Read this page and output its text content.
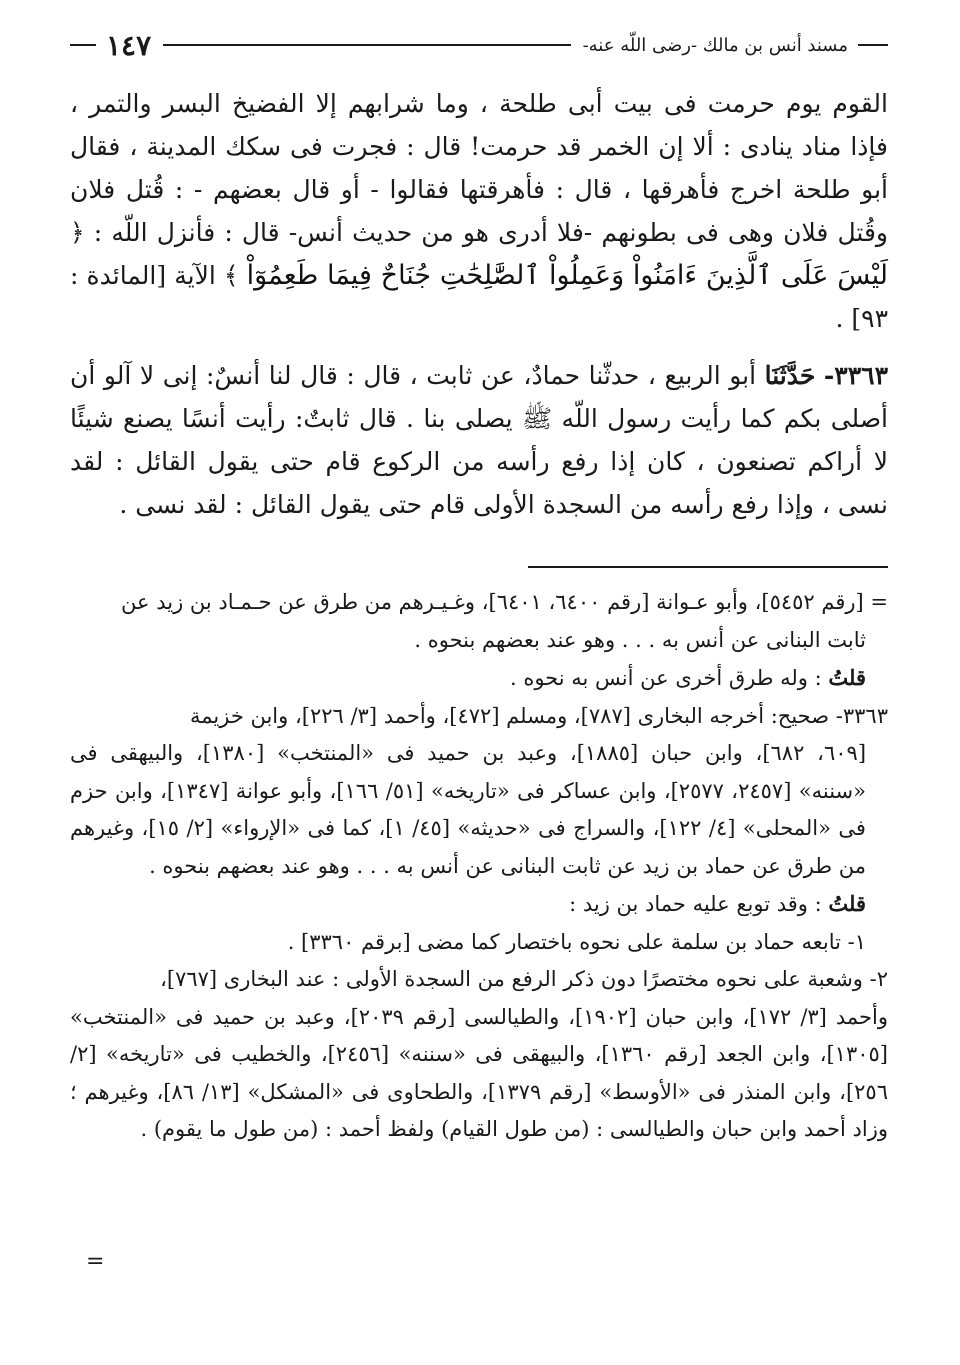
مسند أنس بن مالك -رضى اللّه عنه-
١٤٧

القوم يوم حرمت فى بيت أبى طلحة ، وما شرابهم إلا الفضيخ البسر والتمر ، فإذا مناد ينادى : ألا إن الخمر قد حرمت! قال : فجرت فى سكك المدينة ، فقال أبو طلحة اخرج فأهرقها ، قال : فأهرقتها فقالوا - أو قال بعضهم - : قُتل فلان وقُتل فلان وهى فى بطونهم -فلا أدرى هو من حديث أنس- قال : فأنزل اللّه : ﴿ لَيْسَ عَلَى ٱلَّذِينَ ءَامَنُواْ وَعَمِلُواْ ٱلصَّٰلِحَٰتِ جُنَاحٌ فِيمَا طَعِمُوٓاْ ﴾ الآية [المائدة : ٩٣] .

٣٣٦٣- حَدَّثَنَا أبو الربيع ، حدثّنا حمادٌ، عن ثابت ، قال : قال لنا أنسٌ: إنى لا آلو أن أصلى بكم كما رأيت رسول اللّه ﷺ يصلى بنا . قال ثابتٌ: رأيت أنسًا يصنع شيئًا لا أراكم تصنعون ، كان إذا رفع رأسه من الركوع قام حتى يقول القائل : لقد نسى ، وإذا رفع رأسه من السجدة الأولى قام حتى يقول القائل : لقد نسى .

= [رقم ٥٤٥٢]، وأبو عـوانة [رقم ٦٤٠٠، ٦٤٠١]، وغـيـرهم من طرق عن حـمـاد بن زيد عن

ثابت البنانى عن أنس به . . . وهو عند بعضهم بنحوه .

قلتُ : وله طرق أخرى عن أنس به نحوه .

٣٣٦٣- صحيح: أخرجه البخارى [٧٨٧]، ومسلم [٤٧٢]، وأحمد [٣/ ٢٢٦]، وابن خزيمة

[٦٠٩، ٦٨٢]، وابن حبان [١٨٨٥]، وعبد بن حميد فى «المنتخب» [١٣٨٠]، والبيهقى فى «سننه» [٢٤٥٧، ٢٥٧٧]، وابن عساكر فى «تاريخه» [٥١/ ١٦٦]، وأبو عوانة [١٣٤٧]، وابن حزم فى «المحلى» [٤/ ١٢٢]، والسراج فى «حديثه» [٤٥/ ١]، كما فى «الإرواء» [٢/ ١٥]، وغيرهم من طرق عن حماد بن زيد عن ثابت البنانى عن أنس به . . . وهو عند بعضهم بنحوه .

قلتُ : وقد توبع عليه حماد بن زيد :

١- تابعه حماد بن سلمة على نحوه باختصار كما مضى [برقم ٣٣٦٠] .

٢- وشعبة على نحوه مختصرًا دون ذكر الرفع من السجدة الأولى : عند البخارى [٧٦٧]،

وأحمد [٣/ ١٧٢]، وابن حبان [١٩٠٢]، والطيالسى [رقم ٢٠٣٩]، وعبد بن حميد فى «المنتخب» [١٣٠٥]، وابن الجعد [رقم ١٣٦٠]، والبيهقى فى «سننه» [٢٤٥٦]، والخطيب فى «تاريخه» [٢/ ٢٥٦]، وابن المنذر فى «الأوسط» [رقم ١٣٧٩]، والطحاوى فى «المشكل» [١٣/ ٨٦]، وغيرهم ؛ وزاد أحمد وابن حبان والطيالسى : (من طول القيام) ولفظ أحمد : (من طول ما يقوم) .

=
